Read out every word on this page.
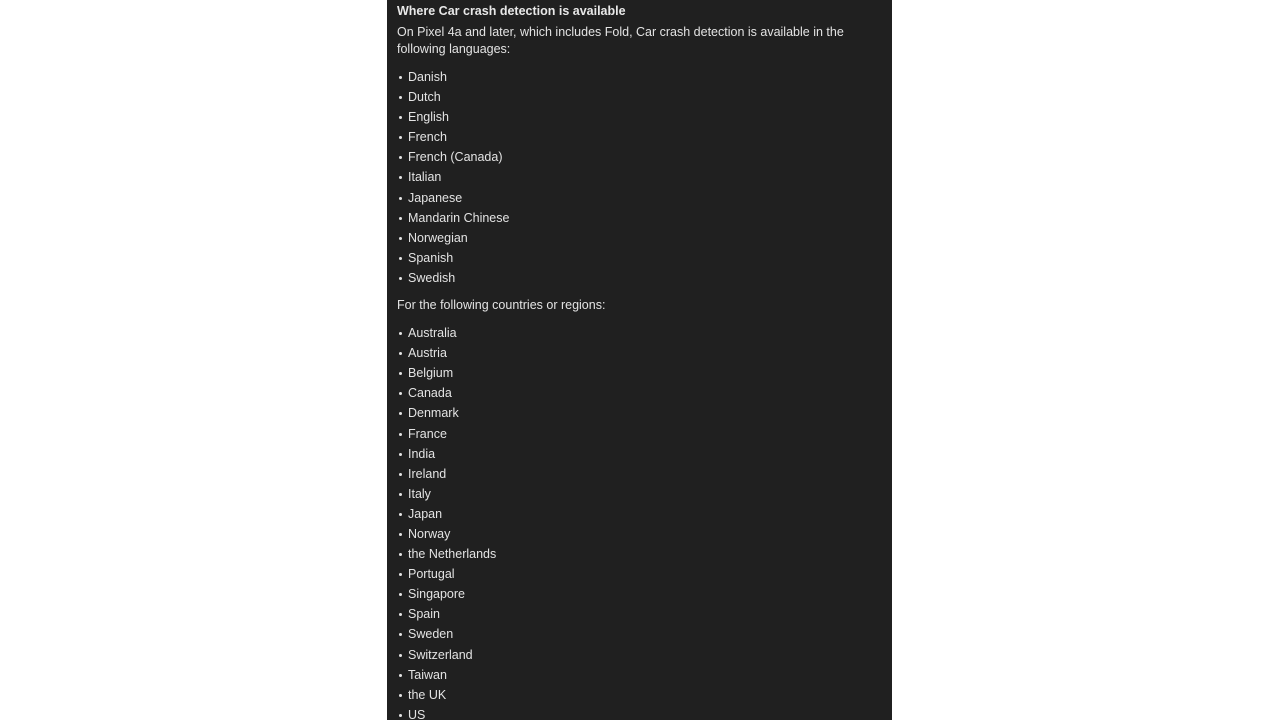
Where Car crash detection is available
On Pixel 4a and later, which includes Fold, Car crash detection is available in the following languages:
Danish
Dutch
English
French
French (Canada)
Italian
Japanese
Mandarin Chinese
Norwegian
Spanish
Swedish
For the following countries or regions:
Australia
Austria
Belgium
Canada
Denmark
France
India
Ireland
Italy
Japan
Norway
the Netherlands
Portugal
Singapore
Spain
Sweden
Switzerland
Taiwan
the UK
US
